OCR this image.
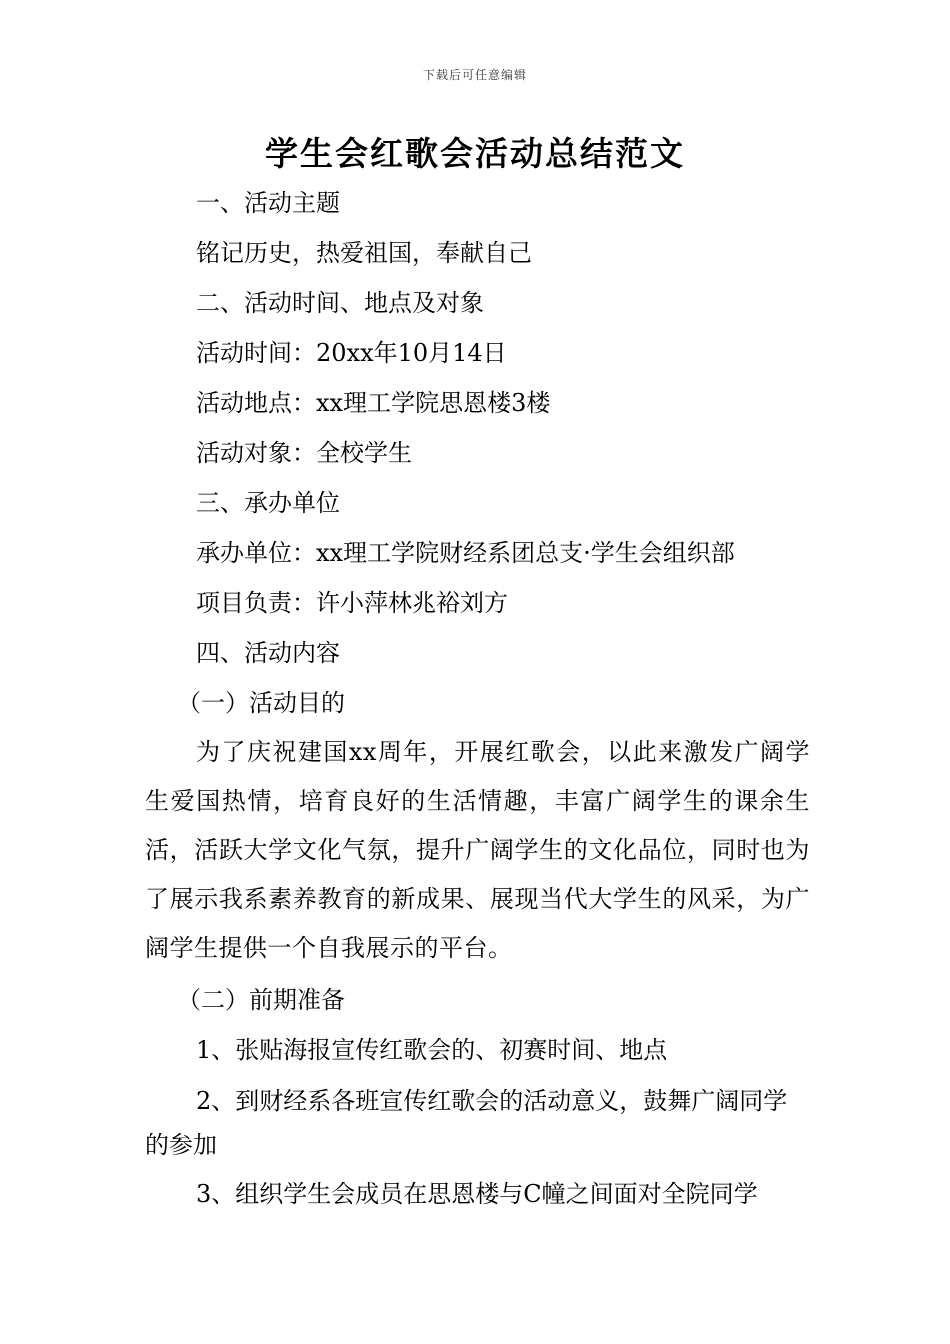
下载后可任意编辑
学生会红歌会活动总结范文

一、活动主题

铭记历史，热爱祖国，奉献自己

二、活动时间、地点及对象

活动时间：20xx年10月14日

活动地点：xx理工学院思恩楼3楼

活动对象：全校学生

三、承办单位

承办单位：xx理工学院财经系团总支·学生会组织部

项目负责：许小萍林兆裕刘方

四、活动内容

（一）活动目的

为了庆祝建国xx周年，开展红歌会，以此来激发广阔学生爱国热情，培育良好的生活情趣，丰富广阔学生的课余生活，活跃大学文化气氛，提升广阔学生的文化品位，同时也为了展示我系素养教育的新成果、展现当代大学生的风采，为广阔学生提供一个自我展示的平台。

（二）前期准备

1、张贴海报宣传红歌会的、初赛时间、地点

2、到财经系各班宣传红歌会的活动意义，鼓舞广阔同学的参加

3、组织学生会成员在思恩楼与C幢之间面对全院同学
